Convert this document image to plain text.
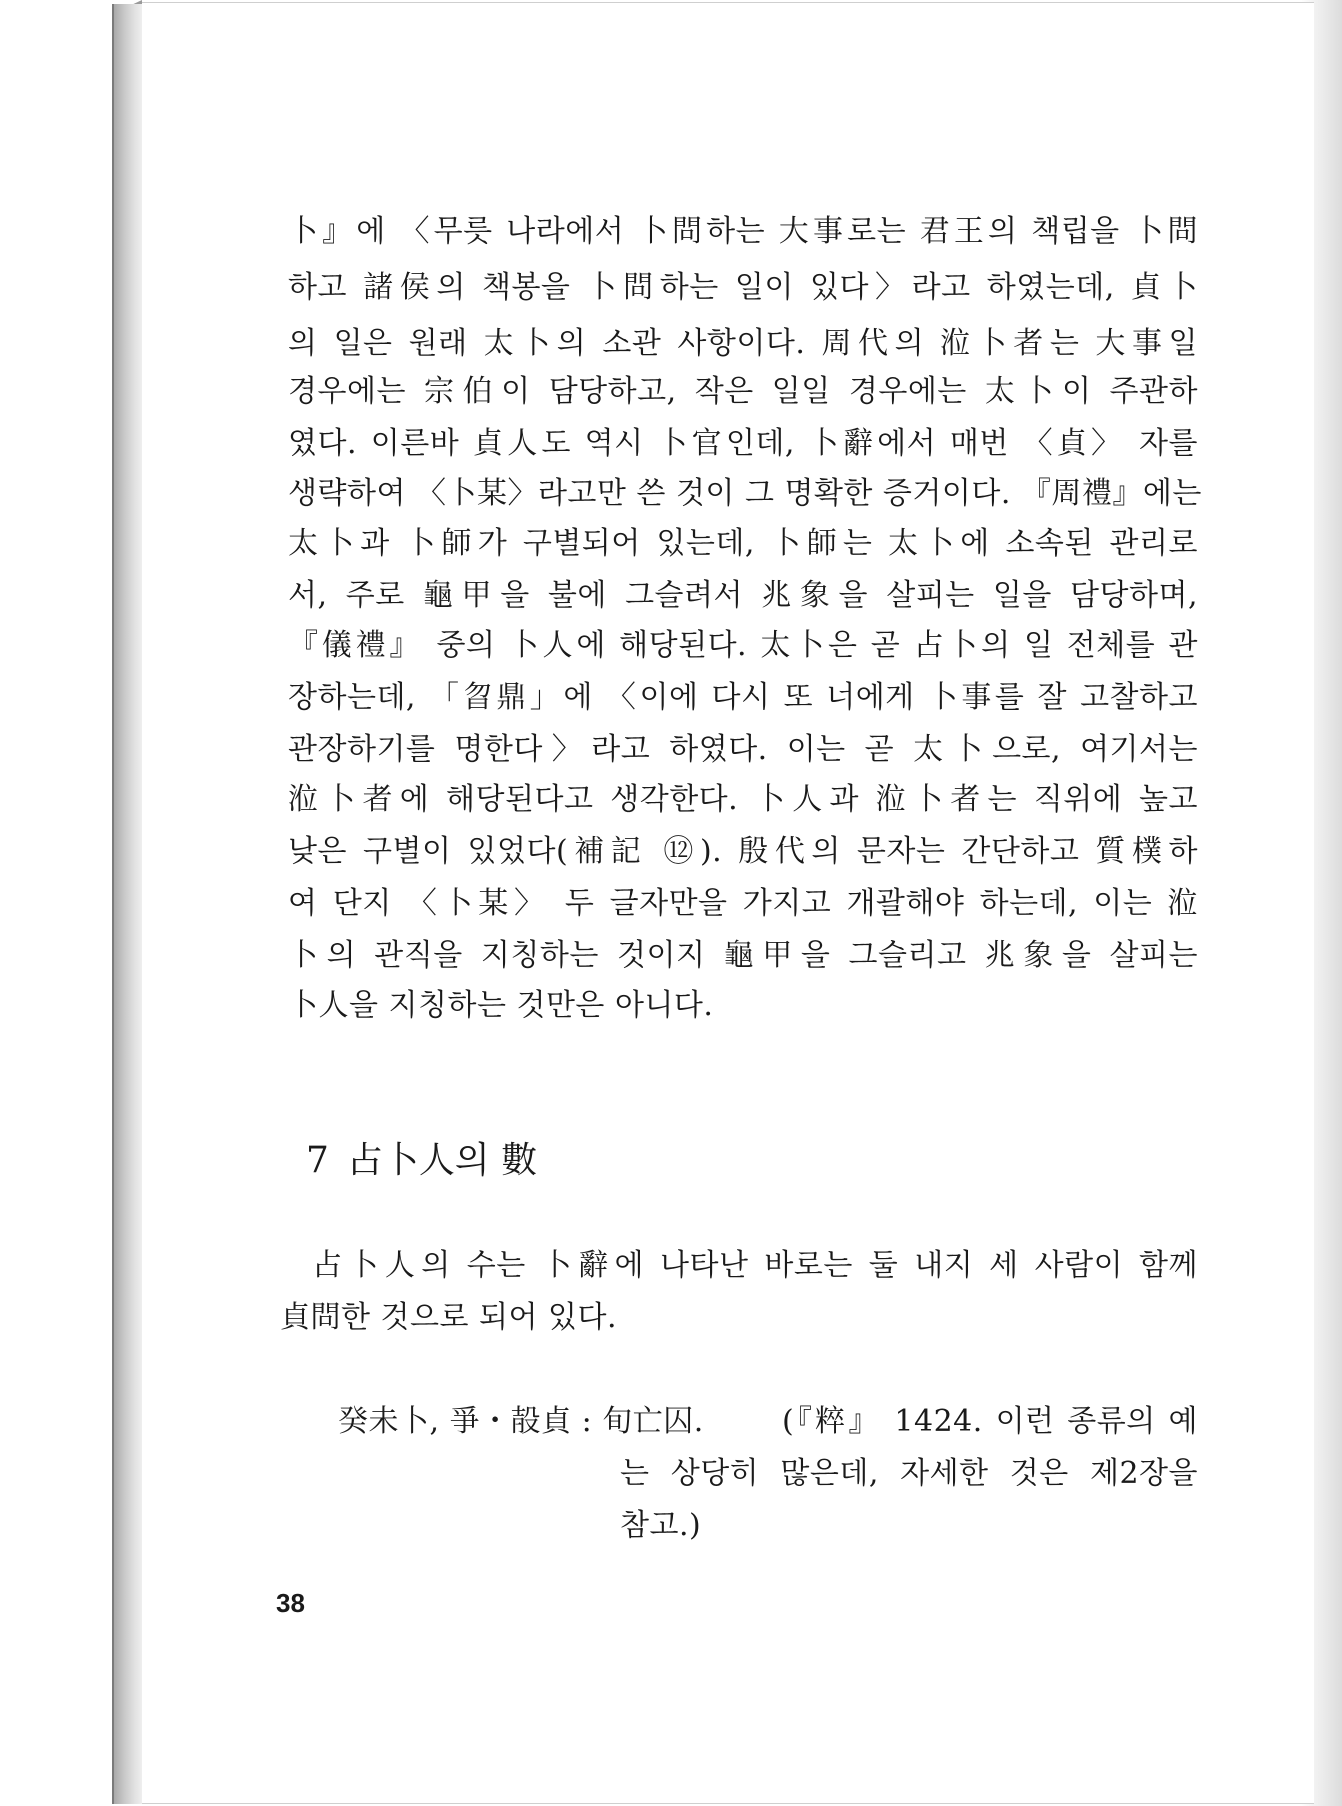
卜』에 〈무릇 나라에서 卜問하는 大事로는 君王의 책립을 卜問
하고 諸侯의 책봉을 卜問하는 일이 있다〉라고 하였는데, 貞卜
의 일은 원래 太卜의 소관 사항이다. 周代의 涖卜者는 大事일
경우에는 宗伯이 담당하고, 작은 일일 경우에는 太卜이 주관하
였다. 이른바 貞人도 역시 卜官인데, 卜辭에서 매번 〈貞〉 자를
생략하여 〈卜某〉라고만 쓴 것이 그 명확한 증거이다. 『周禮』에는
太卜과 卜師가 구별되어 있는데, 卜師는 太卜에 소속된 관리로
서, 주로 龜甲을 불에 그슬려서 兆象을 살피는 일을 담당하며,
『儀禮』 중의 卜人에 해당된다. 太卜은 곧 占卜의 일 전체를 관
장하는데, 「曶鼎」에 〈이에 다시 또 너에게 卜事를 잘 고찰하고
관장하기를 명한다〉라고 하였다. 이는 곧 太卜으로, 여기서는
涖卜者에 해당된다고 생각한다. 卜人과 涖卜者는 직위에 높고
낮은 구별이 있었다(補記 ⑫). 殷代의 문자는 간단하고 質樸하
여 단지 〈卜某〉 두 글자만을 가지고 개괄해야 하는데, 이는 涖
卜의 관직을 지칭하는 것이지 龜甲을 그슬리고 兆象을 살피는
卜人을 지칭하는 것만은 아니다.
7 占卜人의 數
占卜人의 수는 卜辭에 나타난 바로는 둘 내지 세 사람이 함께
貞問한 것으로 되어 있다.
癸未卜, 爭・㱿貞 : 旬亡囚.	(『粹』 1424. 이런 종류의 예
는 상당히 많은데, 자세한 것은 제2장을
참고.)
38
